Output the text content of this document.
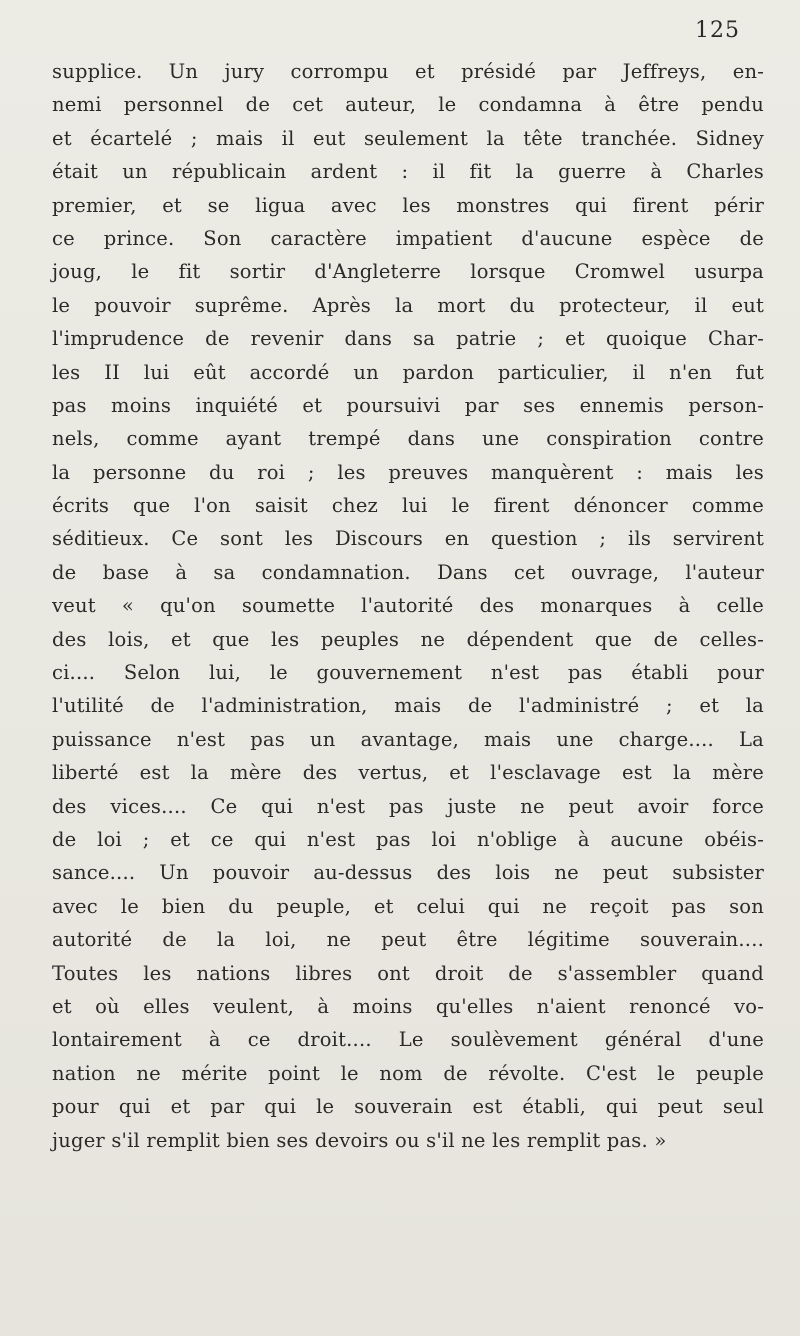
125
supplice. Un jury corrompu et présidé par Jeffreys, en-
nemi personnel de cet auteur, le condamna à être pendu
et écartelé ; mais il eut seulement la tête tranchée. Sidney
était un républicain ardent : il fit la guerre à Charles
premier, et se ligua avec les monstres qui firent périr
ce prince. Son caractère impatient d'aucune espèce de
joug, le fit sortir d'Angleterre lorsque Cromwel usurpa
le pouvoir suprême. Après la mort du protecteur, il eut
l'imprudence de revenir dans sa patrie ; et quoique Char-
les II lui eût accordé un pardon particulier, il n'en fut
pas moins inquiété et poursuivi par ses ennemis person-
nels, comme ayant trempé dans une conspiration contre
la personne du roi ; les preuves manquèrent : mais les
écrits que l'on saisit chez lui le firent dénoncer comme
séditieux. Ce sont les Discours en question ; ils servirent
de base à sa condamnation. Dans cet ouvrage, l'auteur
veut « qu'on soumette l'autorité des monarques à celle
des lois, et que les peuples ne dépendent que de celles-
ci.... Selon lui, le gouvernement n'est pas établi pour
l'utilité de l'administration, mais de l'administré ; et la
puissance n'est pas un avantage, mais une charge.... La
liberté est la mère des vertus, et l'esclavage est la mère
des vices.... Ce qui n'est pas juste ne peut avoir force
de loi ; et ce qui n'est pas loi n'oblige à aucune obéis-
sance.... Un pouvoir au-dessus des lois ne peut subsister
avec le bien du peuple, et celui qui ne reçoit pas son
autorité de la loi, ne peut être légitime souverain....
Toutes les nations libres ont droit de s'assembler quand
et où elles veulent, à moins qu'elles n'aient renoncé vo-
lontairement à ce droit.... Le soulèvement général d'une
nation ne mérite point le nom de révolte. C'est le peuple
pour qui et par qui le souverain est établi, qui peut seul
juger s'il remplit bien ses devoirs ou s'il ne les remplit pas. »
